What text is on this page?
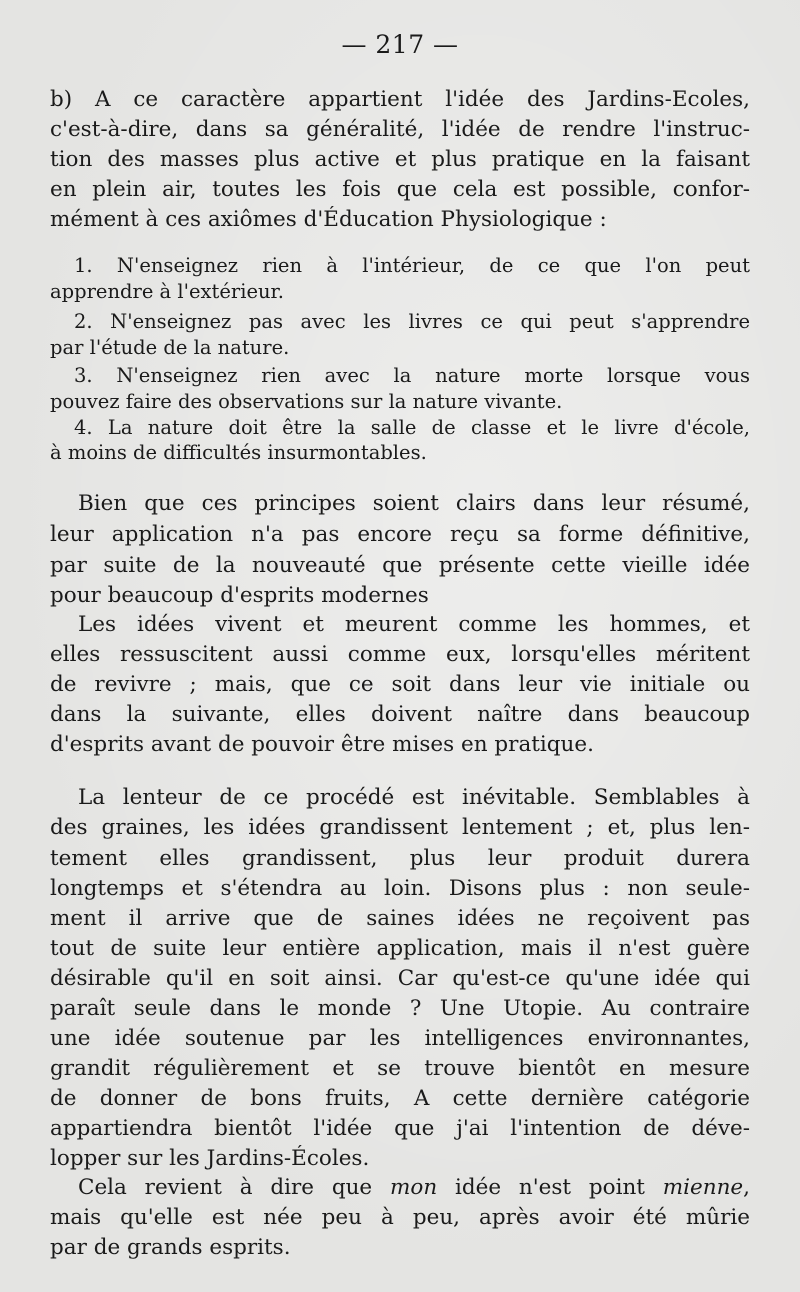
— 217 —
b) A ce caractère appartient l'idée des Jardins-Ecoles,
c'est-à-dire, dans sa généralité, l'idée de rendre l'instruc-
tion des masses plus active et plus pratique en la faisant
en plein air, toutes les fois que cela est possible, confor-
mément à ces axiômes d'Éducation Physiologique :
1. N'enseignez rien à l'intérieur, de ce que l'on peut
apprendre à l'extérieur.
2. N'enseignez pas avec les livres ce qui peut s'apprendre
par l'étude de la nature.
3. N'enseignez rien avec la nature morte lorsque vous
pouvez faire des observations sur la nature vivante.
4. La nature doit être la salle de classe et le livre d'école,
à moins de difficultés insurmontables.
Bien que ces principes soient clairs dans leur résumé,
leur application n'a pas encore reçu sa forme définitive,
par suite de la nouveauté que présente cette vieille idée
pour beaucoup d'esprits modernes
Les idées vivent et meurent comme les hommes, et
elles ressuscitent aussi comme eux, lorsqu'elles méritent
de revivre ; mais, que ce soit dans leur vie initiale ou
dans la suivante, elles doivent naître dans beaucoup
d'esprits avant de pouvoir être mises en pratique.
La lenteur de ce procédé est inévitable. Semblables à
des graines, les idées grandissent lentement ; et, plus len-
tement elles grandissent, plus leur produit durera
longtemps et s'étendra au loin. Disons plus : non seule-
ment il arrive que de saines idées ne reçoivent pas
tout de suite leur entière application, mais il n'est guère
désirable qu'il en soit ainsi. Car qu'est-ce qu'une idée qui
paraît seule dans le monde ? Une Utopie. Au contraire
une idée soutenue par les intelligences environnantes,
grandit régulièrement et se trouve bientôt en mesure
de donner de bons fruits, A cette dernière catégorie
appartiendra bientôt l'idée que j'ai l'intention de déve-
lopper sur les Jardins-Écoles.
Cela revient à dire que mon idée n'est point mienne,
mais qu'elle est née peu à peu, après avoir été mûrie
par de grands esprits.
